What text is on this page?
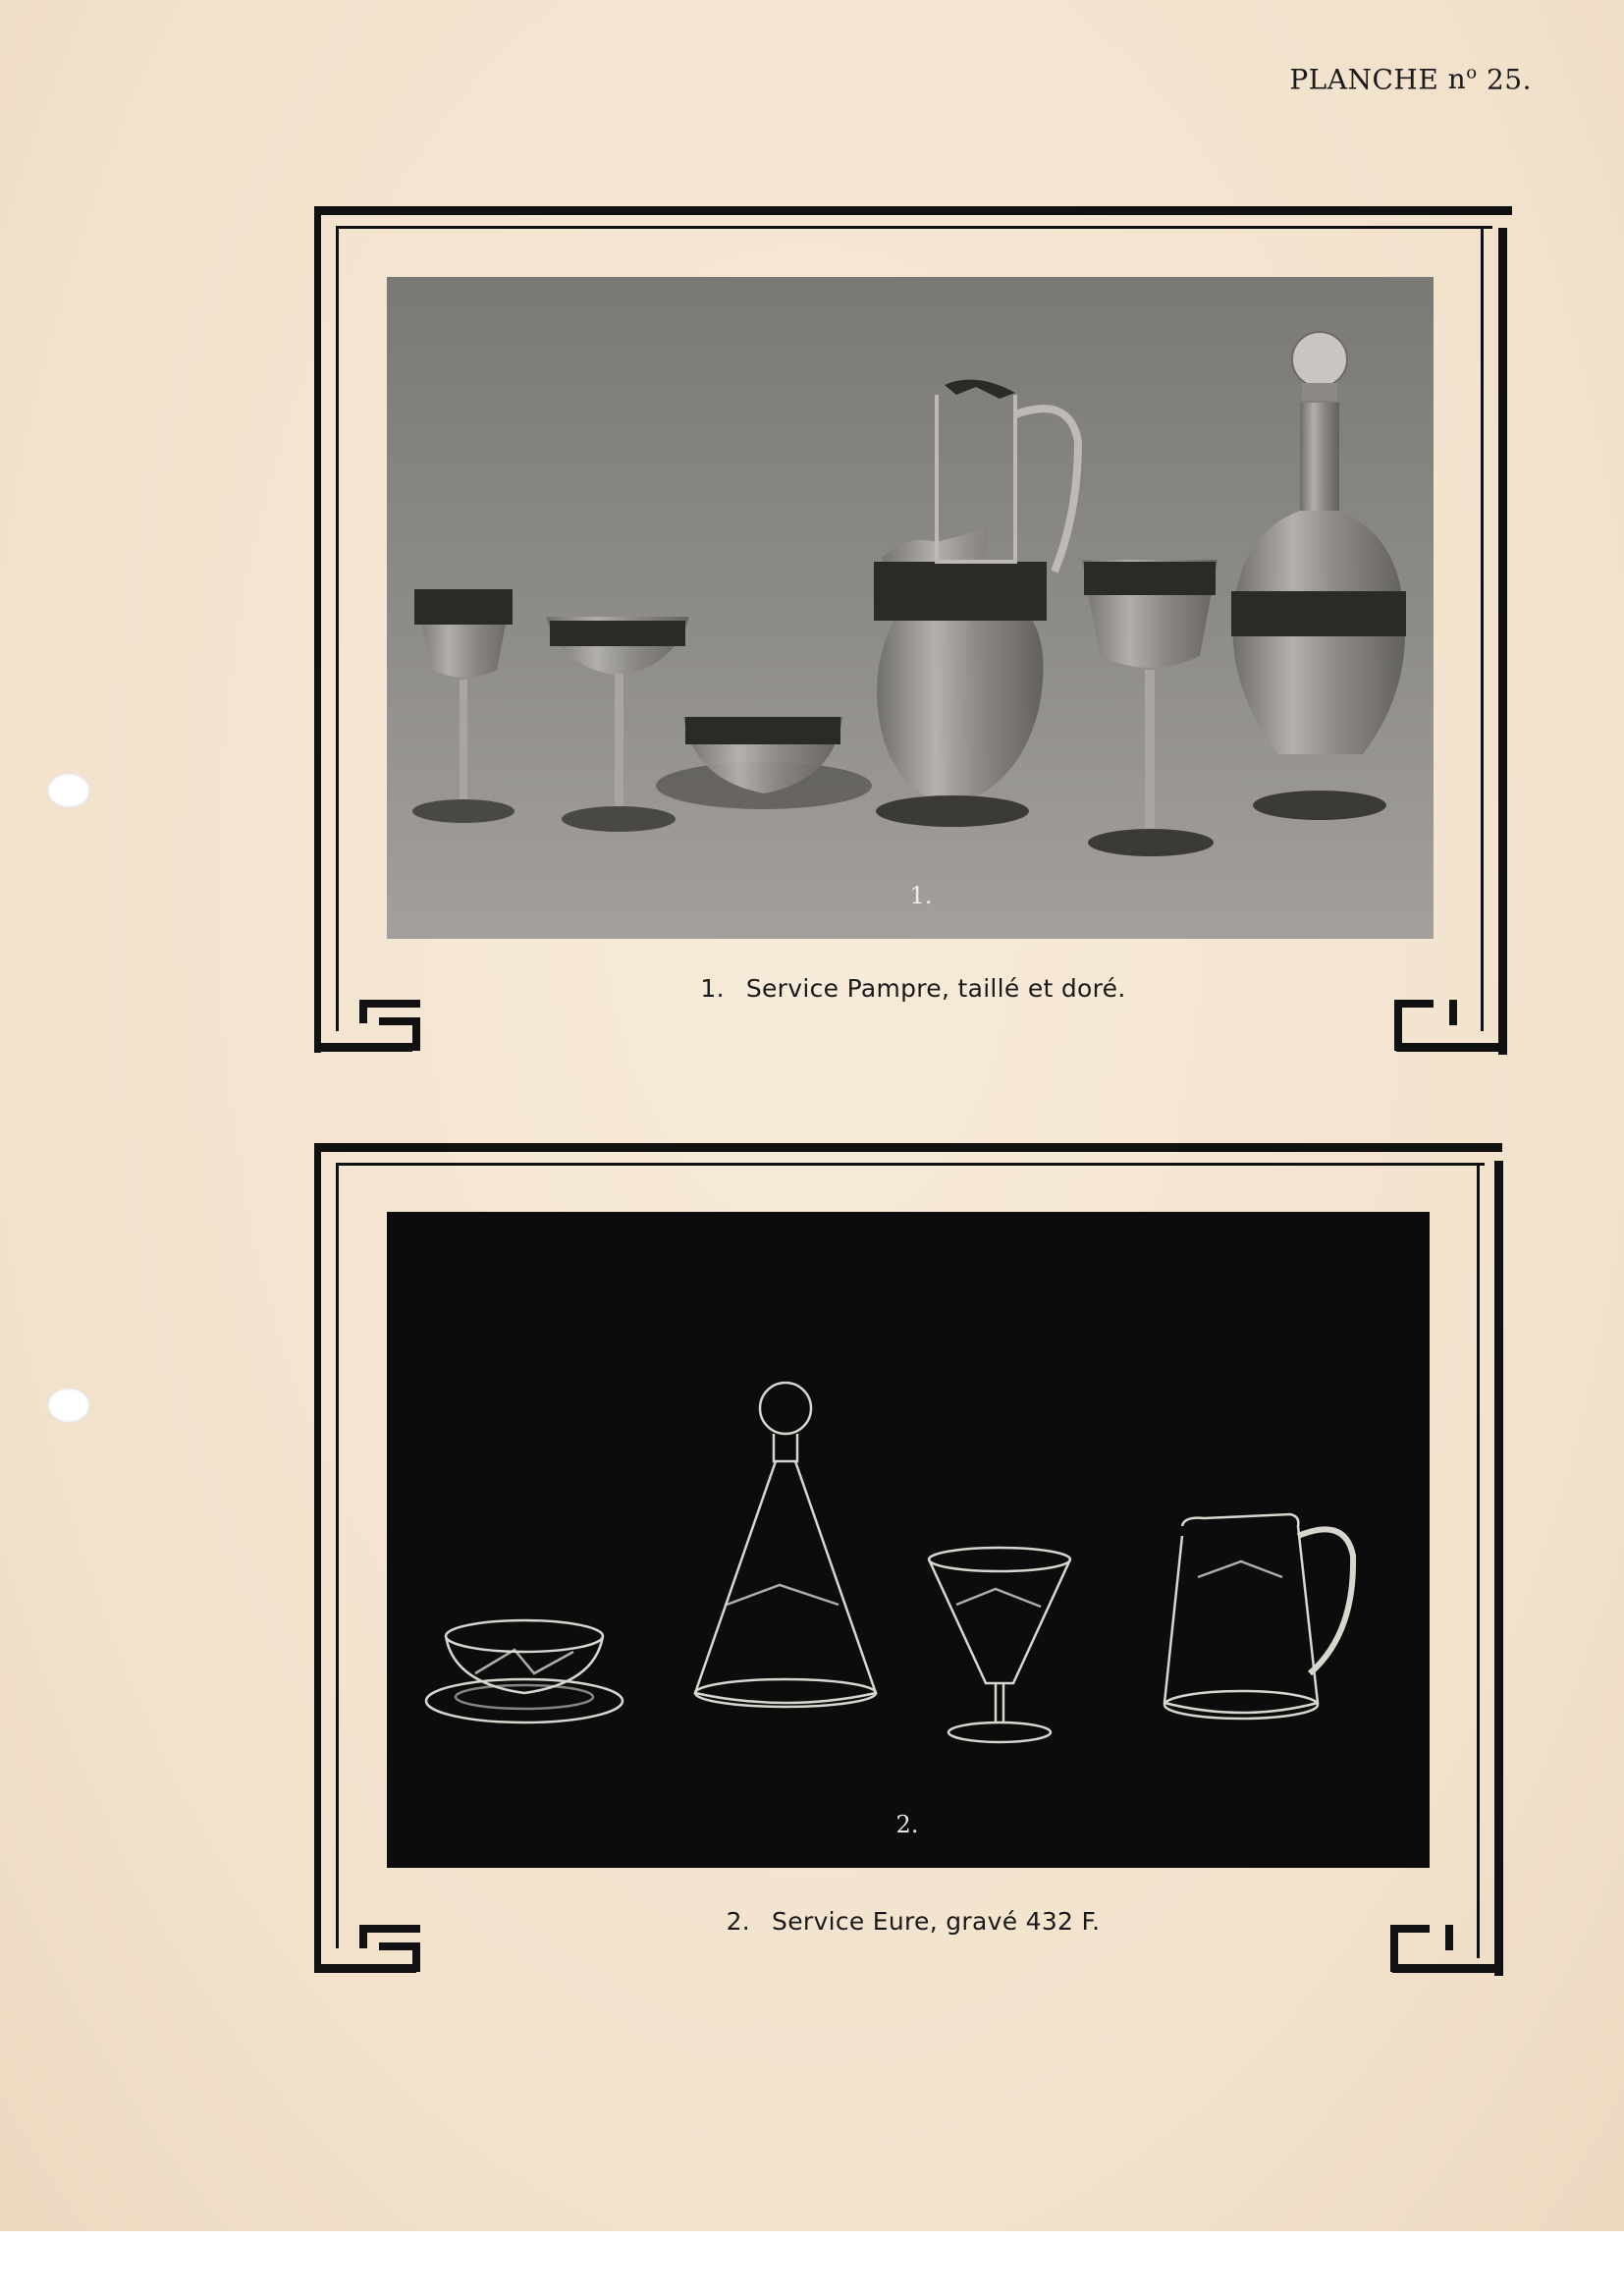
PLANCHE $n^o$ 25.
1.
1. Service Pampre, taillé et doré.
2.
2. Service Eure, gravé 432 F.
